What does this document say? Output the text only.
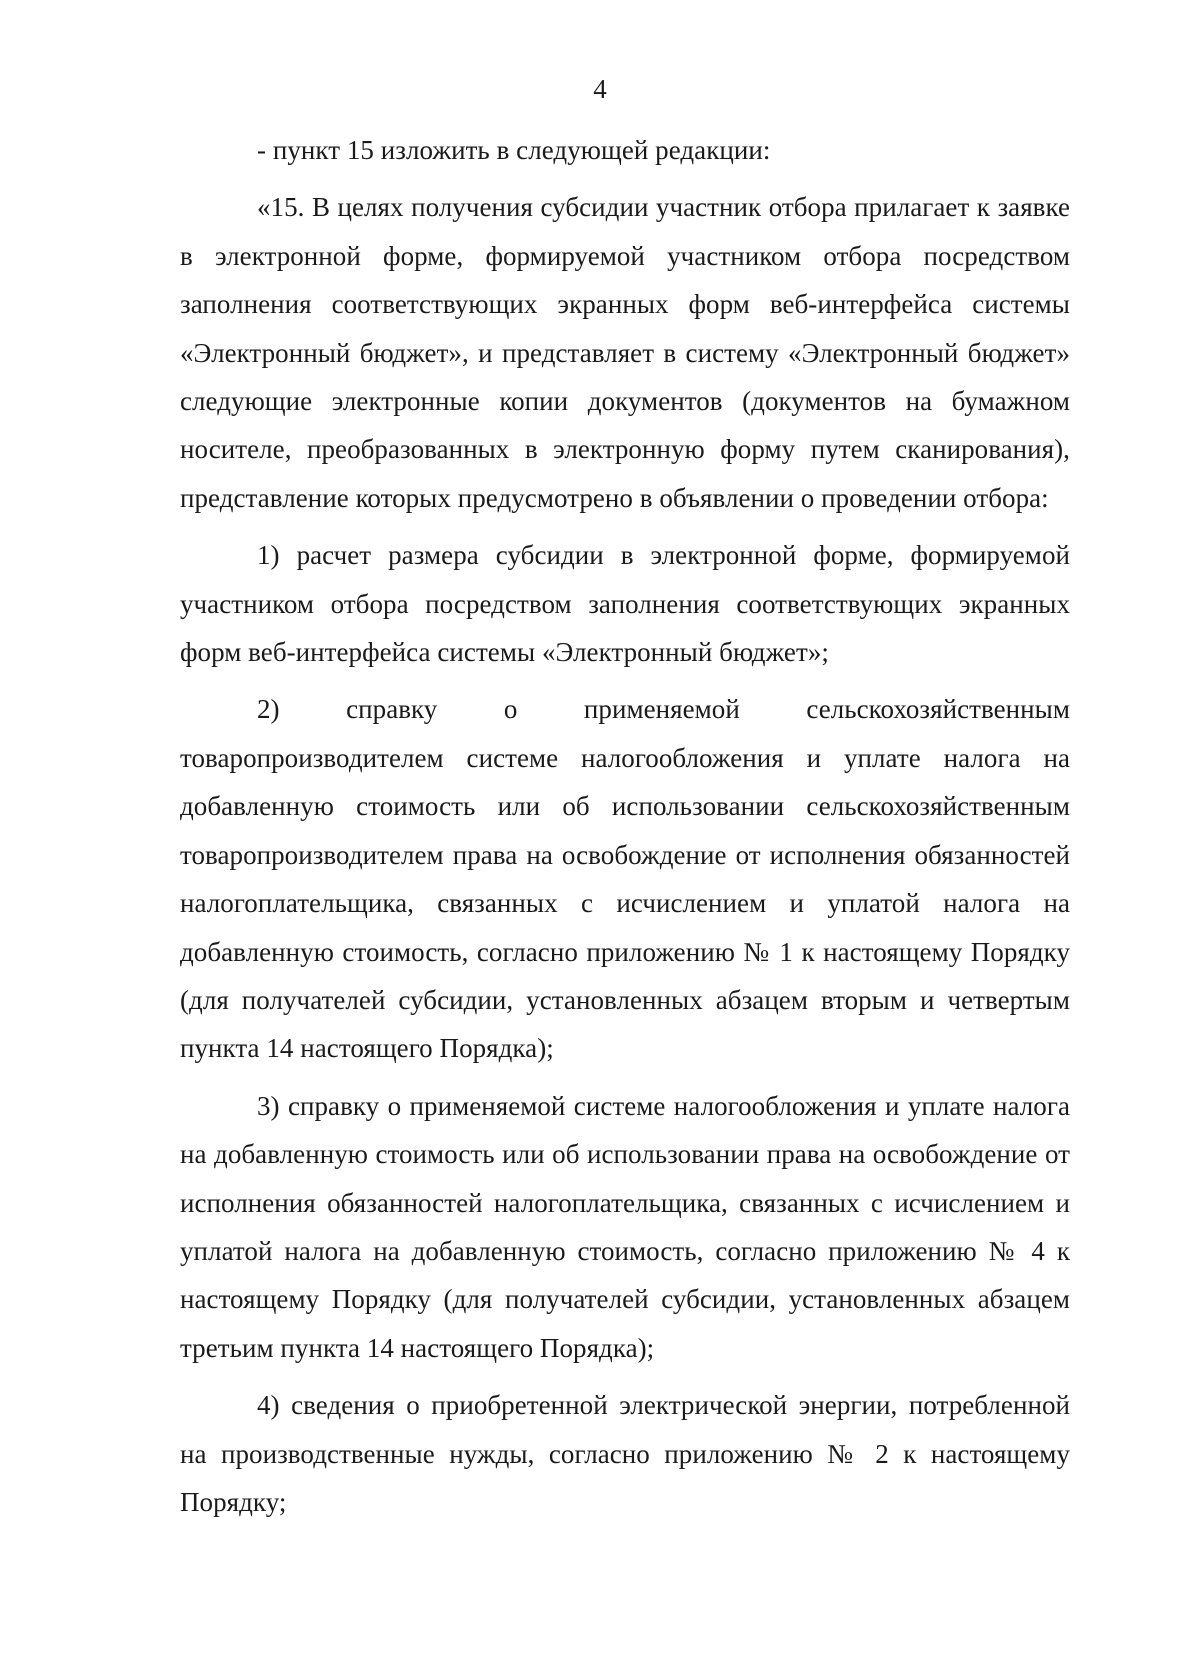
4

- пункт 15 изложить в следующей редакции:

«15. В целях получения субсидии участник отбора прилагает к заявке в электронной форме, формируемой участником отбора посредством заполнения соответствующих экранных форм веб-интерфейса системы «Электронный бюджет», и представляет в систему «Электронный бюджет» следующие электронные копии документов (документов на бумажном носителе, преобразованных в электронную форму путем сканирования), представление которых предусмотрено в объявлении о проведении отбора:

1) расчет размера субсидии в электронной форме, формируемой участником отбора посредством заполнения соответствующих экранных форм веб-интерфейса системы «Электронный бюджет»;

2) справку о применяемой сельскохозяйственным товаропроизводителем системе налогообложения и уплате налога на добавленную стоимость или об использовании сельскохозяйственным товаропроизводителем права на освобождение от исполнения обязанностей налогоплательщика, связанных с исчислением и уплатой налога на добавленную стоимость, согласно приложению № 1 к настоящему Порядку (для получателей субсидии, установленных абзацем вторым и четвертым пункта 14 настоящего Порядка);

3) справку о применяемой системе налогообложения и уплате налога на добавленную стоимость или об использовании права на освобождение от исполнения обязанностей налогоплательщика, связанных с исчислением и уплатой налога на добавленную стоимость, согласно приложению № 4 к настоящему Порядку (для получателей субсидии, установленных абзацем третьим пункта 14 настоящего Порядка);

4) сведения о приобретенной электрической энергии, потребленной на производственные нужды, согласно приложению № 2 к настоящему Порядку;
